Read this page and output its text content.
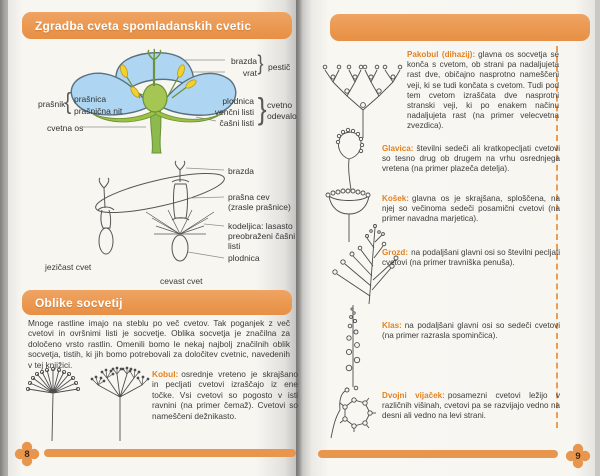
Zgradba cveta spomladanskih cvetic
brazda
vrat } pestič
plodnica
venčni listi
čašni listi } cvetno odevalo
prašnik { prašnica
prašnična nit
cvetna os
brazda
prašna cev (zrasle prašnice)
kodeljica: lasasto preobraženi čašni listi
plodnica
jezičast cvet
cevast cvet
Oblike socvetij

Mnoge rastline imajo na steblu po več cvetov. Tak poganjek z več cvetovi in ovršnimi listi je socvetje. Oblika socvetja je značilna za določeno vrsto rastlin. Omenili bomo le nekaj najbolj značilnih oblik socvetja, tistih, ki jih bomo potrebovali za določitev cvetnic, navedenih v tej knjižici.

Kobul: osrednje vreteno je skrajšano in pecljati cvetovi izraščajo iz ene točke. Vsi cvetovi so pogosto v isti ravnini (na primer čemaž). Cvetovi so nameščeni dežnikasto.

8

Pakobul (dihazij): glavna os socvetja se konča s cvetom, ob strani pa nadaljujeta rast dve, običajno nasprotno nameščeni veji, ki se tudi končata s cvetom. Tudi pod tem cvetom izraščata dve nasprotni stranski veji, ki po enakem načinu nadaljujeta rast (na primer velecvetna zvezdica).

Glavica: številni sedeči ali kratkopecljati cvetovi so tesno drug ob drugem na vrhu osrednjega vretena (na primer plazeča detelja).

Košek: glavna os je skrajšana, sploščena, na njej so večinoma sedeči posamični cvetovi (na primer navadna marjetica).

Grozd: na podaljšani glavni osi so številni pecljati cvetovi (na primer travniška penuša).

Klas: na podaljšani glavni osi so sedeči cvetovi (na primer razrasla spominčica).

Dvojni vijaček: posamezni cvetovi ležijo v različnih višinah, cvetovi pa se razvijajo vedno na desni ali vedno na levi strani.

9
